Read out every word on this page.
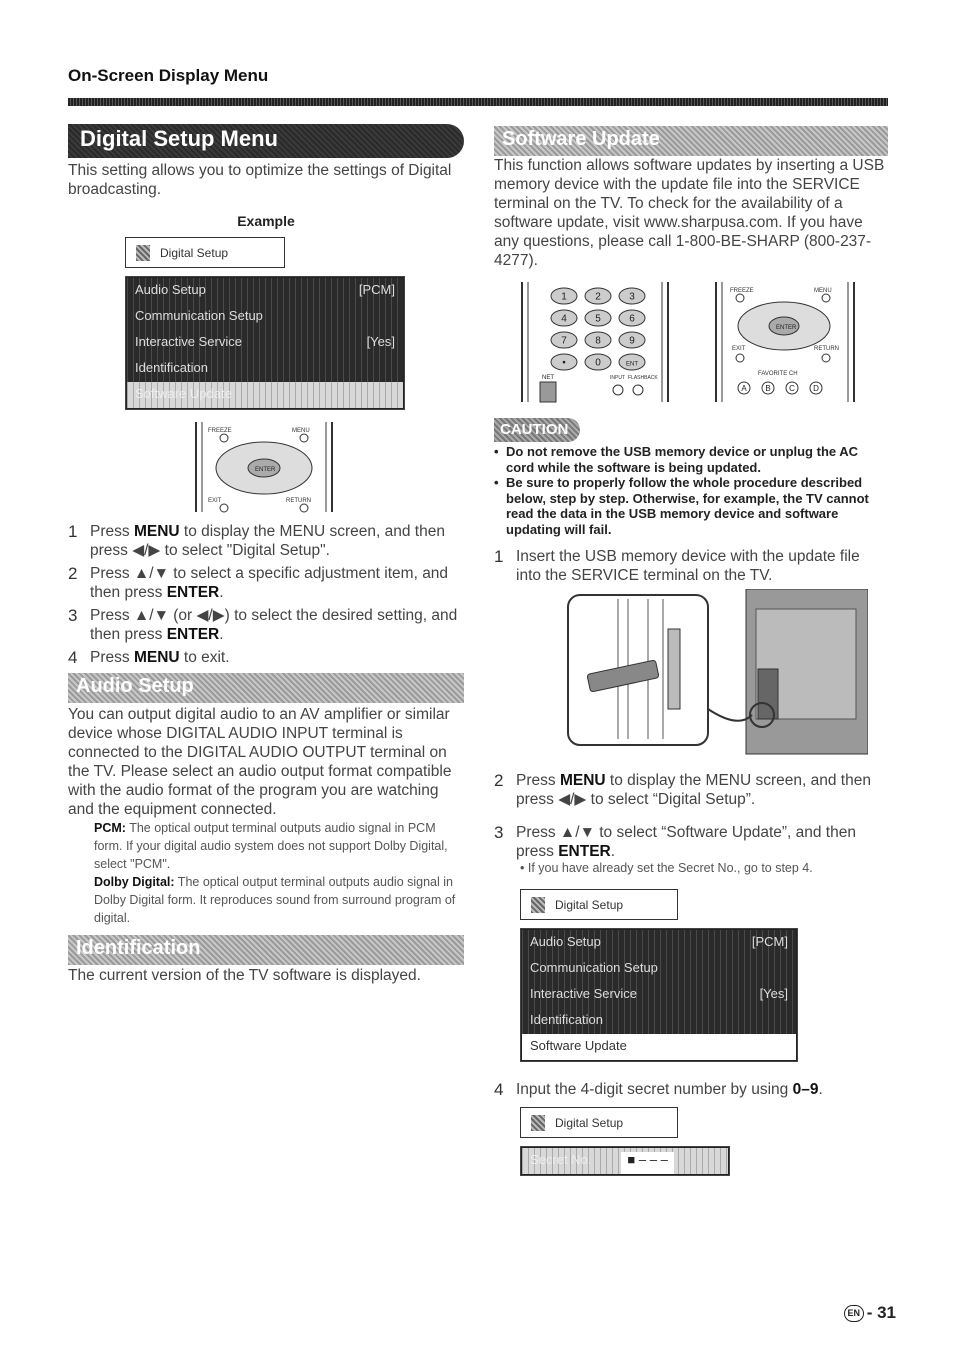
On-Screen Display Menu
Digital Setup Menu

This setting allows you to optimize the settings of Digital broadcasting.

Example
Digital Setup
Audio Setup	[PCM]
Communication Setup
Interactive Service	[Yes]
Identification
Software Update
FREEZE	MENU
ENTER
EXIT	RETURN
1 Press MENU to display the MENU screen, and then press ◀/▶ to select "Digital Setup".
2 Press ▲/▼ to select a specific adjustment item, and then press ENTER.
3 Press ▲/▼ (or ◀/▶) to select the desired setting, and then press ENTER.
4 Press MENU to exit.
Audio Setup

You can output digital audio to an AV amplifier or similar device whose DIGITAL AUDIO INPUT terminal is connected to the DIGITAL AUDIO OUTPUT terminal on the TV. Please select an audio output format compatible with the audio format of the program you are watching and the equipment connected.

PCM: The optical output terminal outputs audio signal in PCM form. If your digital audio system does not support Dolby Digital, select "PCM".

Dolby Digital: The optical output terminal outputs audio signal in Dolby Digital form. It reproduces sound from surround program of digital.

Identification

The current version of the TV software is displayed.

Software Update

This function allows software updates by inserting a USB memory device with the update file into the SERVICE terminal on the TV. To check for the availability of a software update, visit www.sharpusa.com. If you have any questions, please call 1-800-BE-SHARP (800-237-4277).

1	2	3
4	5	6
7	8	9
•	0	ENT
NET	INPUT FLASHBACK
FREEZE	MENU
ENTER
EXIT	RETURN
FAVORITE CH
A B C D
CAUTION
• Do not remove the USB memory device or unplug the AC cord while the software is being updated.
• Be sure to properly follow the whole procedure described below, step by step. Otherwise, for example, the TV cannot read the data in the USB memory device and software updating will fail.
1 Insert the USB memory device with the update file into the SERVICE terminal on the TV.
2 Press MENU to display the MENU screen, and then press ◀/▶ to select “Digital Setup”.
3 Press ▲/▼ to select “Software Update”, and then press ENTER.
• If you have already set the Secret No., go to step 4.
Digital Setup
Audio Setup	[PCM]
Communication Setup
Interactive Service	[Yes]
Identification
Software Update
4 Input the 4-digit secret number by using 0–9.
Digital Setup
Secret No.	■ – – –
EN - 31
